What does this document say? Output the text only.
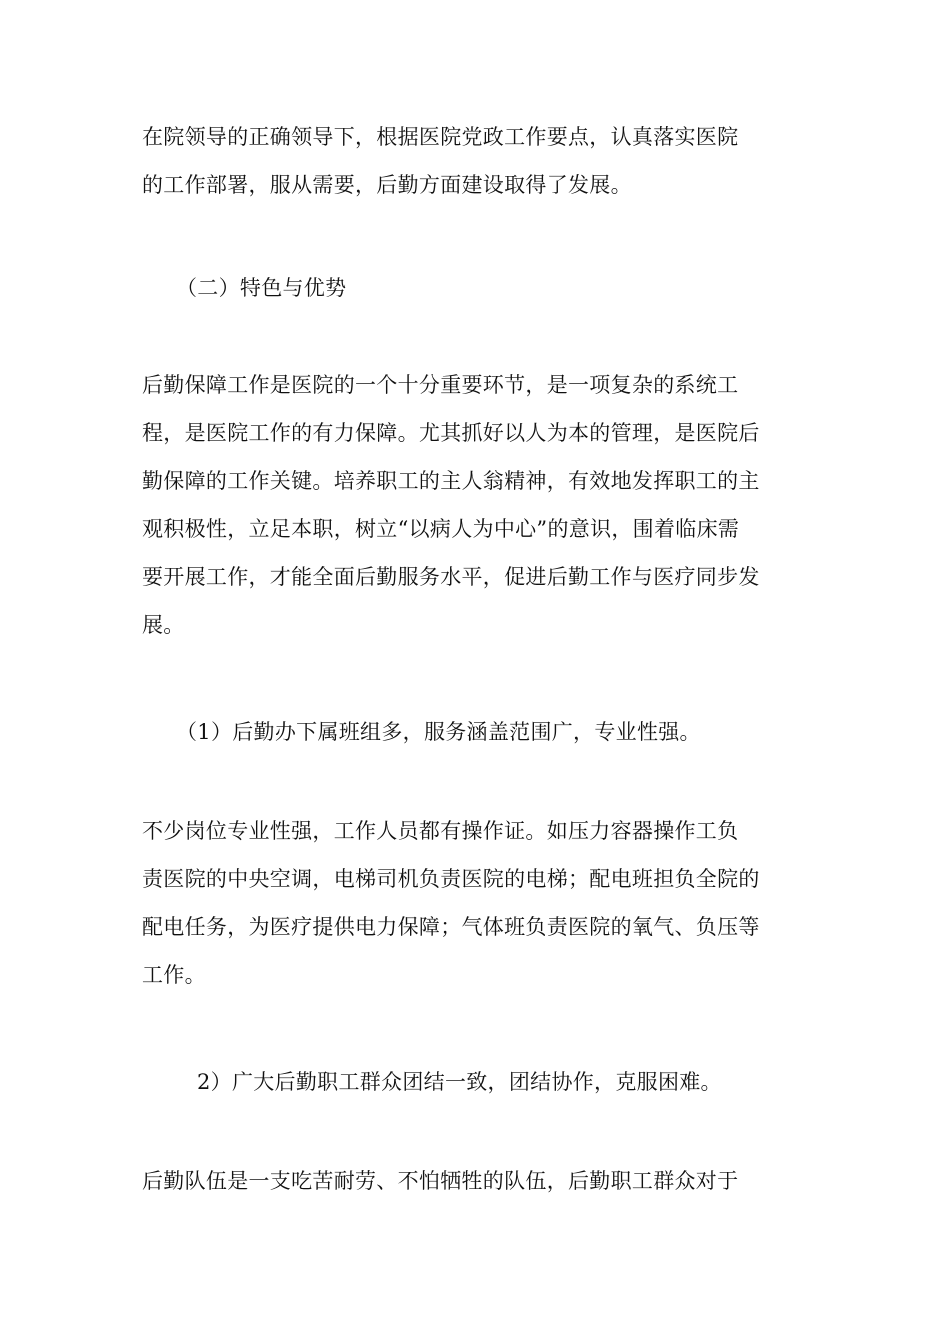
在院领导的正确领导下，根据医院党政工作要点，认真落实医院
的工作部署，服从需要，后勤方面建设取得了发展。
（二）特色与优势
后勤保障工作是医院的一个十分重要环节，是一项复杂的系统工
程，是医院工作的有力保障。尤其抓好以人为本的管理，是医院后
勤保障的工作关键。培养职工的主人翁精神，有效地发挥职工的主
观积极性，立足本职，树立“以病人为中心”的意识，围着临床需
要开展工作，才能全面后勤服务水平，促进后勤工作与医疗同步发
展。
（1）后勤办下属班组多，服务涵盖范围广，专业性强。
不少岗位专业性强，工作人员都有操作证。如压力容器操作工负
责医院的中央空调，电梯司机负责医院的电梯；配电班担负全院的
配电任务，为医疗提供电力保障；气体班负责医院的氧气、负压等
工作。
2）广大后勤职工群众团结一致，团结协作，克服困难。
后勤队伍是一支吃苦耐劳、不怕牺牲的队伍，后勤职工群众对于
